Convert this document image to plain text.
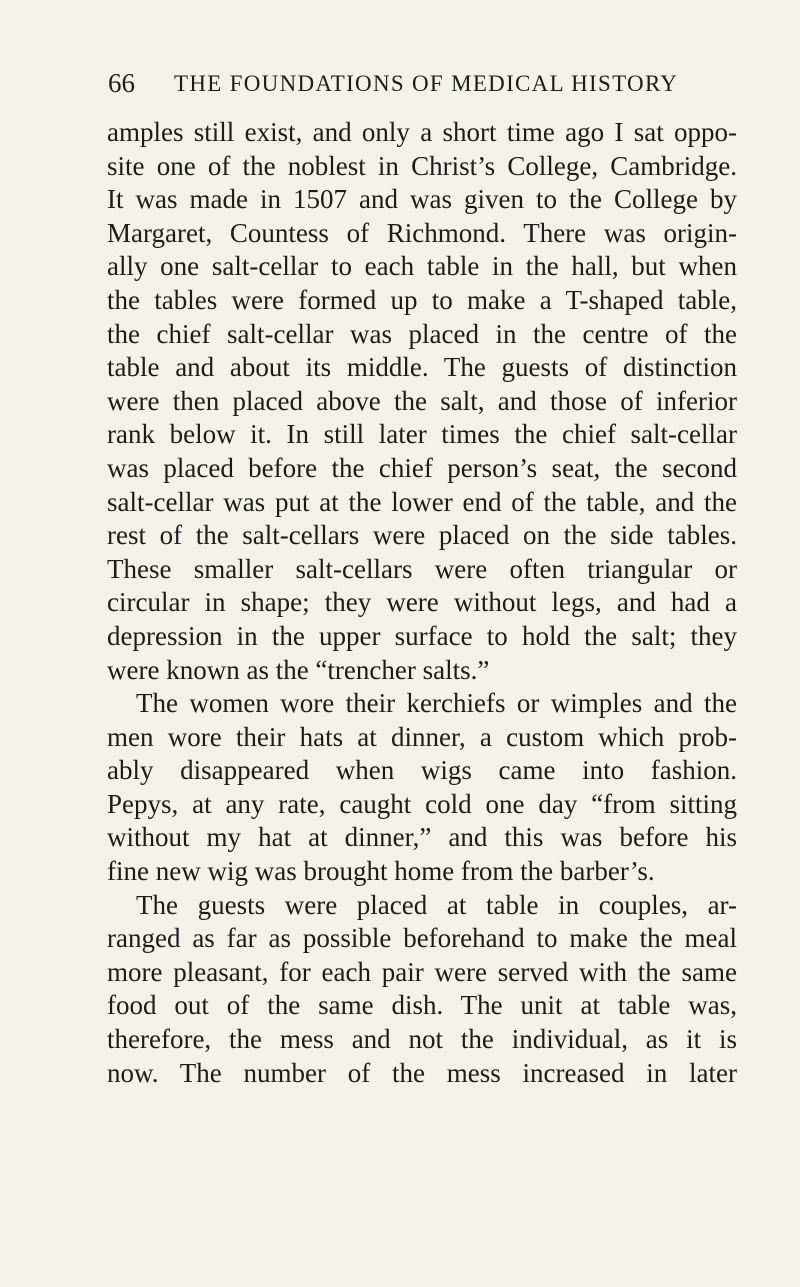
66 THE FOUNDATIONS OF MEDICAL HISTORY
amples still exist, and only a short time ago I sat oppo-
site one of the noblest in Christ’s College, Cambridge.
It was made in 1507 and was given to the College by
Margaret, Countess of Richmond. There was origin-
ally one salt-cellar to each table in the hall, but when
the tables were formed up to make a T-shaped table,
the chief salt-cellar was placed in the centre of the
table and about its middle. The guests of distinction
were then placed above the salt, and those of inferior
rank below it. In still later times the chief salt-cellar
was placed before the chief person’s seat, the second
salt-cellar was put at the lower end of the table, and the
rest of the salt-cellars were placed on the side tables.
These smaller salt-cellars were often triangular or
circular in shape; they were without legs, and had a
depression in the upper surface to hold the salt; they
were known as the “trencher salts.”
The women wore their kerchiefs or wimples and the
men wore their hats at dinner, a custom which prob-
ably disappeared when wigs came into fashion.
Pepys, at any rate, caught cold one day “from sitting
without my hat at dinner,” and this was before his
fine new wig was brought home from the barber’s.
The guests were placed at table in couples, ar-
ranged as far as possible beforehand to make the meal
more pleasant, for each pair were served with the same
food out of the same dish. The unit at table was,
therefore, the mess and not the individual, as it is
now. The number of the mess increased in later
